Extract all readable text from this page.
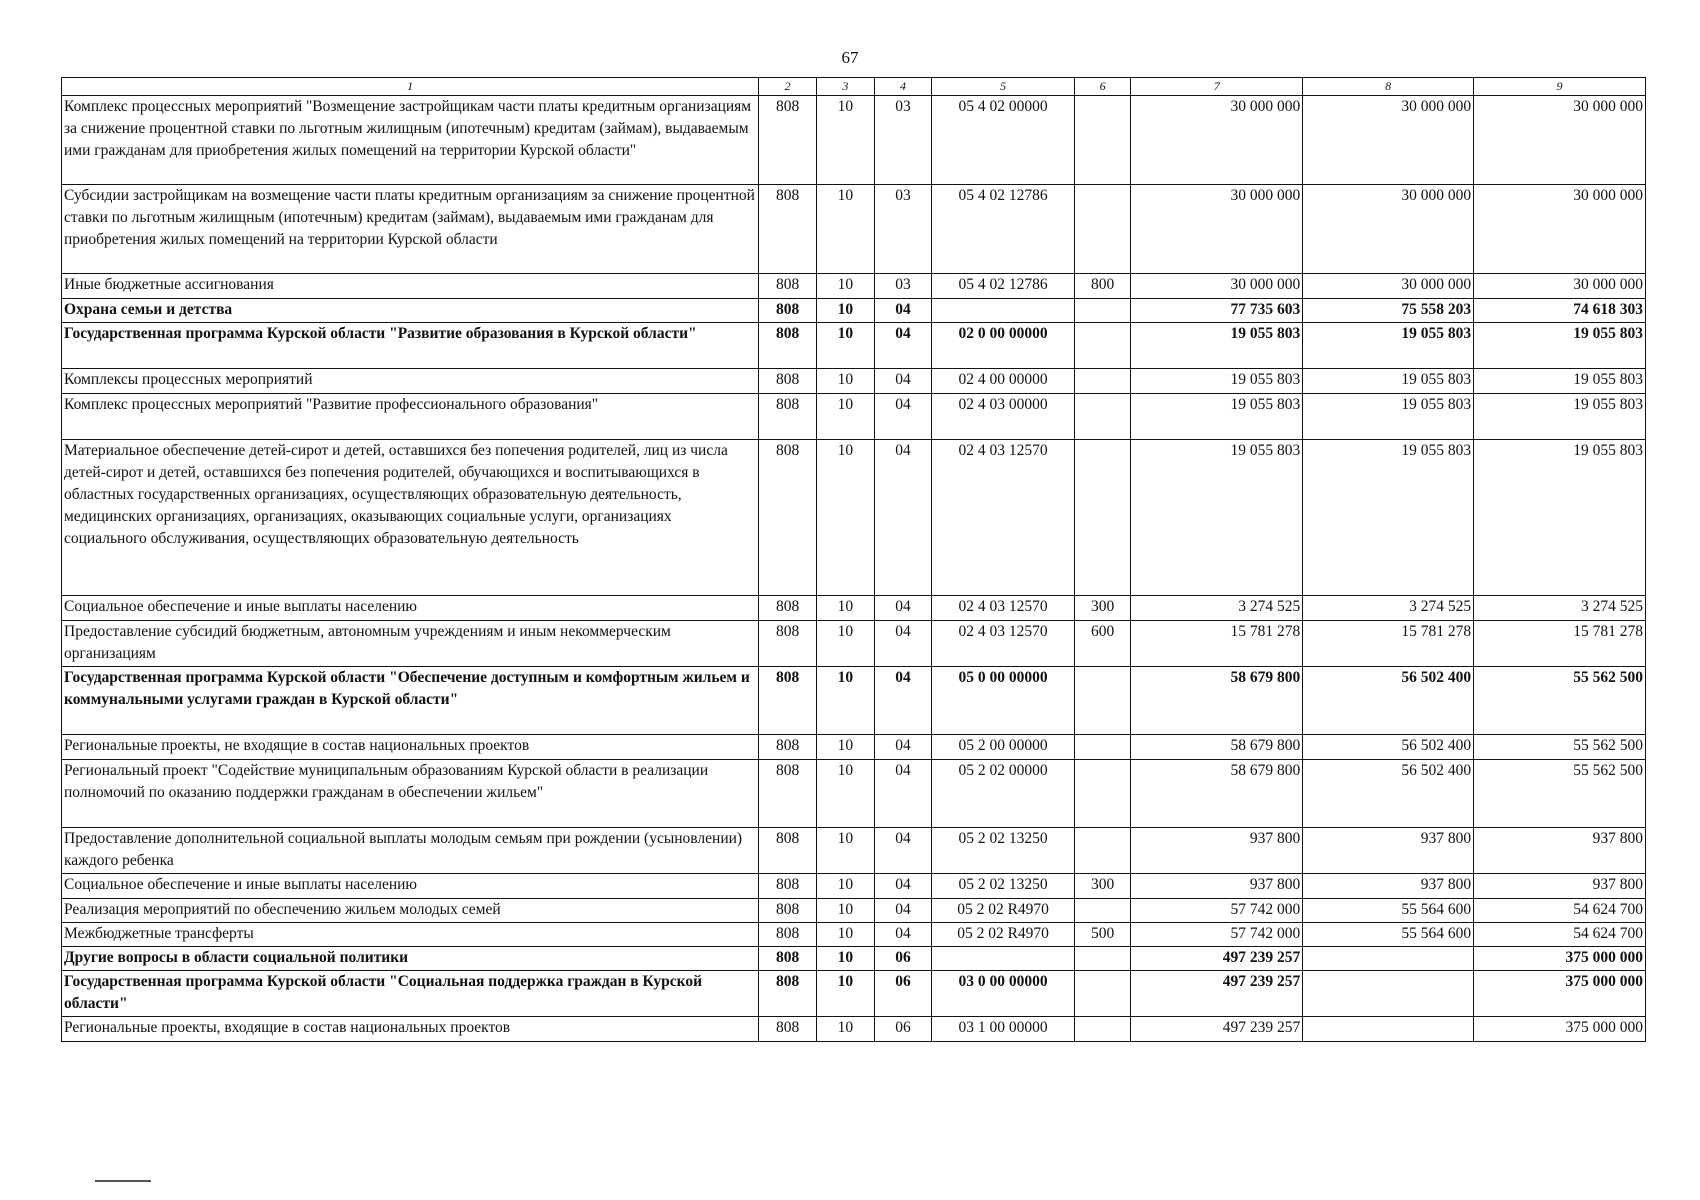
67
1	2	3	4	5	6	7	8	9
Комплекс процессных мероприятий "Возмещение застройщикам части платы кредитным организациям за снижение процентной ставки по льготным жилищным (ипотечным) кредитам (займам), выдаваемым ими гражданам для приобретения жилых помещений на территории Курской области"	808	10	03	05 4 02 00000		30 000 000	30 000 000	30 000 000
Субсидии застройщикам на возмещение части платы кредитным организациям за снижение процентной ставки по льготным жилищным (ипотечным) кредитам (займам), выдаваемым ими гражданам для приобретения жилых помещений на территории Курской области	808	10	03	05 4 02 12786		30 000 000	30 000 000	30 000 000
Иные бюджетные ассигнования	808	10	03	05 4 02 12786	800	30 000 000	30 000 000	30 000 000
Охрана семьи и детства	808	10	04			77 735 603	75 558 203	74 618 303
Государственная программа Курской области "Развитие образования в Курской области"	808	10	04	02 0 00 00000		19 055 803	19 055 803	19 055 803
Комплексы процессных мероприятий	808	10	04	02 4 00 00000		19 055 803	19 055 803	19 055 803
Комплекс процессных мероприятий "Развитие профессионального образования"	808	10	04	02 4 03 00000		19 055 803	19 055 803	19 055 803
Материальное обеспечение детей-сирот и детей, оставшихся без попечения родителей, лиц из числа детей-сирот и детей, оставшихся без попечения родителей, обучающихся и воспитывающихся в областных государственных организациях, осуществляющих образовательную деятельность, медицинских организациях, организациях, оказывающих социальные услуги, организациях социального обслуживания, осуществляющих образовательную деятельность	808	10	04	02 4 03 12570		19 055 803	19 055 803	19 055 803
Социальное обеспечение и иные выплаты населению	808	10	04	02 4 03 12570	300	3 274 525	3 274 525	3 274 525
Предоставление субсидий бюджетным, автономным учреждениям и иным некоммерческим организациям	808	10	04	02 4 03 12570	600	15 781 278	15 781 278	15 781 278
Государственная программа Курской области "Обеспечение доступным и комфортным жильем и коммунальными услугами граждан в Курской области"	808	10	04	05 0 00 00000		58 679 800	56 502 400	55 562 500
Региональные проекты, не входящие в состав национальных проектов	808	10	04	05 2 00 00000		58 679 800	56 502 400	55 562 500
Региональный проект "Содействие муниципальным образованиям Курской области в реализации полномочий по оказанию поддержки гражданам в обеспечении жильем"	808	10	04	05 2 02 00000		58 679 800	56 502 400	55 562 500
Предоставление дополнительной социальной выплаты молодым семьям при рождении (усыновлении) каждого ребенка	808	10	04	05 2 02 13250		937 800	937 800	937 800
Социальное обеспечение и иные выплаты населению	808	10	04	05 2 02 13250	300	937 800	937 800	937 800
Реализация мероприятий по обеспечению жильем молодых семей	808	10	04	05 2 02 R4970		57 742 000	55 564 600	54 624 700
Межбюджетные трансферты	808	10	04	05 2 02 R4970	500	57 742 000	55 564 600	54 624 700
Другие вопросы в области социальной политики	808	10	06			497 239 257		375 000 000
Государственная программа Курской области "Социальная поддержка граждан в Курской области"	808	10	06	03 0 00 00000		497 239 257		375 000 000
Региональные проекты, входящие в состав национальных проектов	808	10	06	03 1 00 00000		497 239 257		375 000 000
